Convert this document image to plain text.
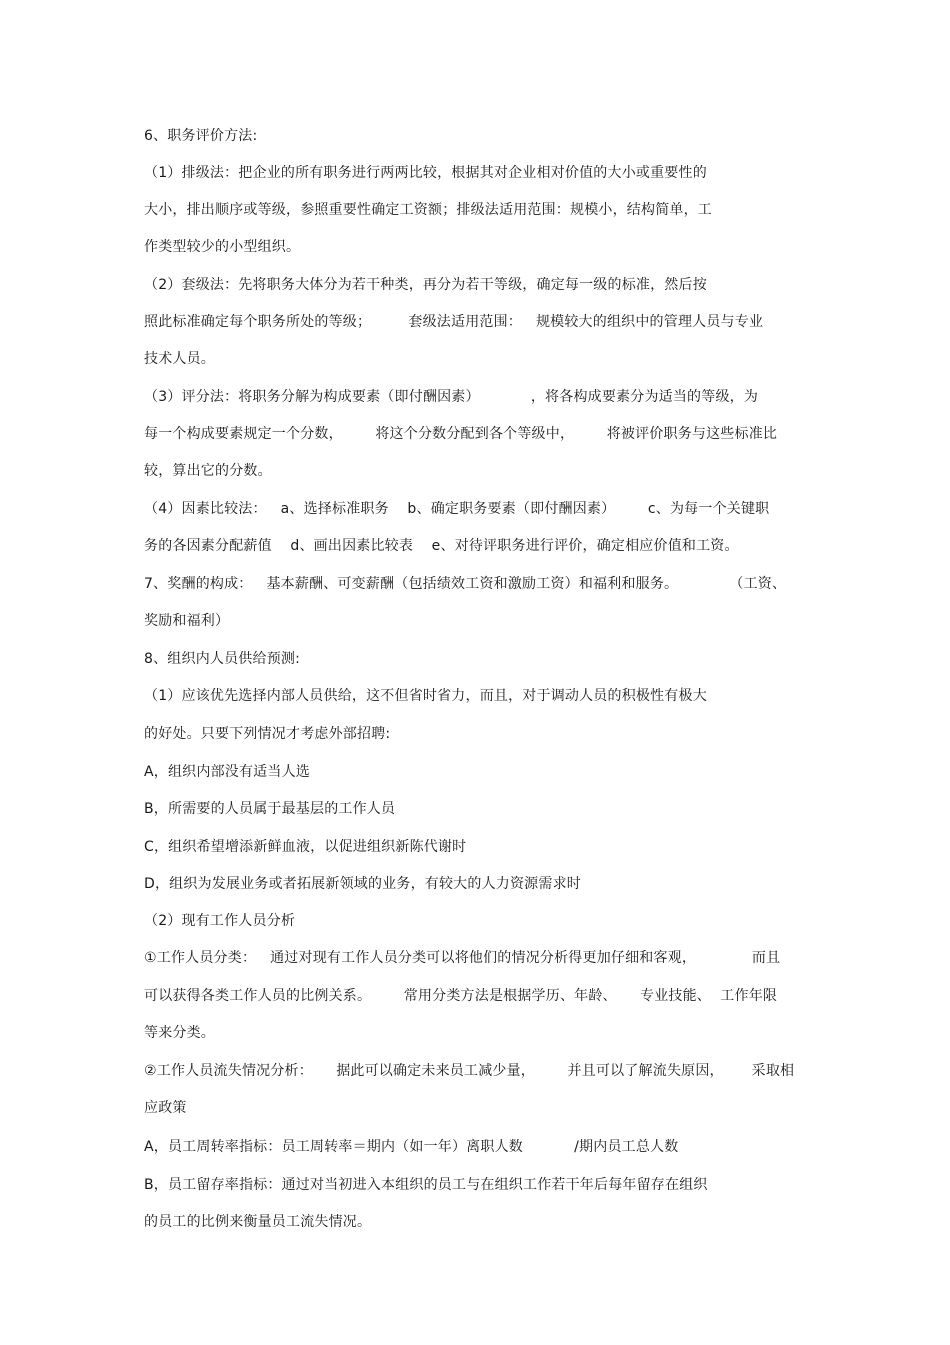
6、职务评价方法:
（1）排级法：把企业的所有职务进行两两比较，根据其对企业相对价值的大小或重要性的
大小，排出顺序或等级，参照重要性确定工资额；排级法适用范围：规模小，结构简单，工
作类型较少的小型组织。
（2）套级法：先将职务大体分为若干种类，再分为若干等级，确定每一级的标准，然后按
照此标准确定每个职务所处的等级；        套级法适用范围：   规模较大的组织中的管理人员与专业
技术人员。
（3）评分法：将职务分解为构成要素（即付酬因素）           ，将各构成要素分为适当的等级，为
每一个构成要素规定一个分数，       将这个分数分配到各个等级中，       将被评价职务与这些标准比
较，算出它的分数。
（4）因素比较法：   a、选择标准职务    b、确定职务要素（即付酬因素）       c、为每一个关键职
务的各因素分配薪值    d、画出因素比较表    e、对待评职务进行评价，确定相应价值和工资。
7、奖酬的构成：   基本薪酬、可变薪酬（包括绩效工资和激励工资）和福利和服务。           （工资、
奖励和福利）
8、组织内人员供给预测:
（1）应该优先选择内部人员供给，这不但省时省力，而且，对于调动人员的积极性有极大
的好处。只要下列情况才考虑外部招聘:
A，组织内部没有适当人选
B，所需要的人员属于最基层的工作人员
C，组织希望增添新鲜血液，以促进组织新陈代谢时
D，组织为发展业务或者拓展新领域的业务，有较大的人力资源需求时
（2）现有工作人员分析
①工作人员分类：   通过对现有工作人员分类可以将他们的情况分析得更加仔细和客观，            而且
可以获得各类工作人员的比例关系。       常用分类方法是根据学历、年龄、     专业技能、  工作年限
等来分类。
②工作人员流失情况分析：     据此可以确定未来员工减少量，       并且可以了解流失原因，      采取相
应政策
A，员工周转率指标：员工周转率＝期内（如一年）离职人数           /期内员工总人数
B，员工留存率指标：通过对当初进入本组织的员工与在组织工作若干年后每年留存在组织
的员工的比例来衡量员工流失情况。
